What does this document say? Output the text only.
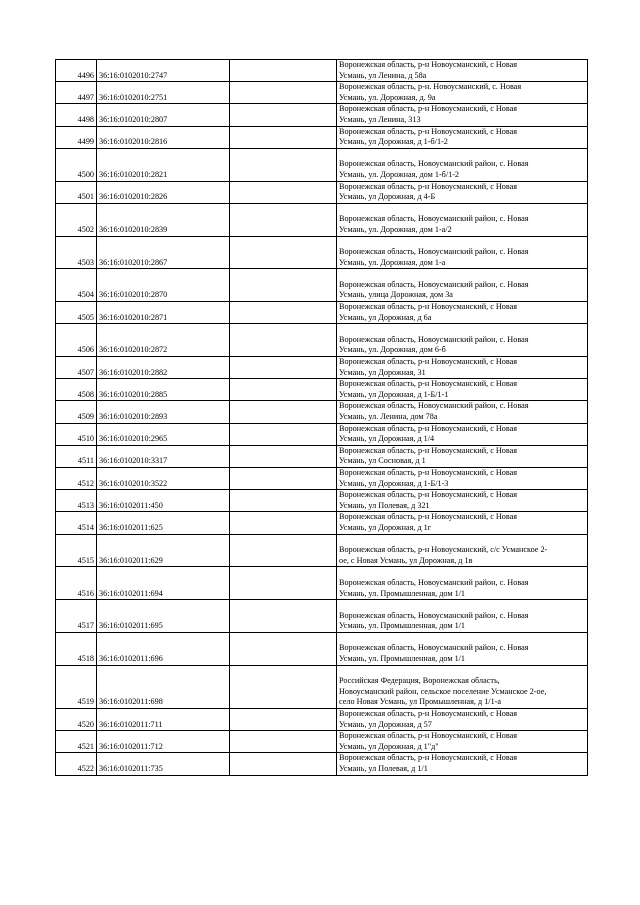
4496	36:16:0102010:2747		Воронежская область, р-н Новоусманский, с Новая
Усмань, ул Ленина, д 58а

4497	36:16:0102010:2751		Воронежская область, р-н. Новоусманский, с. Новая
Усмань, ул. Дорожная, д. 9а

4498	36:16:0102010:2807		Воронежская область, р-н Новоусманский, с Новая
Усмань, ул Ленина, 313

4499	36:16:0102010:2816		Воронежская область, р-н Новоусманский, с Новая
Усмань, ул Дорожная, д 1-б/1-2

4500	36:16:0102010:2821		Воронежская область, Новоусманский район, с. Новая
Усмань, ул. Дорожная, дом 1-б/1-2

4501	36:16:0102010:2826		Воронежская область, р-н Новоусманский, с Новая
Усмань, ул Дорожная, д 4-Б

4502	36:16:0102010:2839		Воронежская область, Новоусманский район, с. Новая
Усмань, ул. Дорожная, дом 1-а/2

4503	36:16:0102010:2867		Воронежская область, Новоусманский район, с. Новая
Усмань, ул. Дорожная, дом 1-а

4504	36:16:0102010:2870		Воронежская область, Новоусманский район, с. Новая
Усмань, улица Дорожная, дом 3а

4505	36:16:0102010:2871		Воронежская область, р-н Новоусманский, с Новая
Усмань, ул Дорожная, д 6а

4506	36:16:0102010:2872		Воронежская область, Новоусманский район, с. Новая
Усмань, ул. Дорожная, дом 6-б

4507	36:16:0102010:2882		Воронежская область, р-н Новоусманский, с Новая
Усмань, ул Дорожная, 31

4508	36:16:0102010:2885		Воронежская область, р-н Новоусманский, с Новая
Усмань, ул Дорожная, д 1-Б/1-1

4509	36:16:0102010:2893		Воронежская область, Новоусманский район, с. Новая
Усмань, ул. Ленина, дом 78а

4510	36:16:0102010:2965		Воронежская область, р-н Новоусманский, с Новая
Усмань, ул Дорожная, д 1/4

4511	36:16:0102010:3317		Воронежская область, р-н Новоусманский, с Новая
Усмань, ул Сосновая, д 1

4512	36:16:0102010:3522		Воронежская область, р-н Новоусманский, с Новая
Усмань, ул Дорожная, д 1-Б/1-3

4513	36:16:0102011:450		Воронежская область, р-н Новоусманский, с Новая
Усмань, ул Полевая, д 321

4514	36:16:0102011:625		Воронежская область, р-н Новоусманский, с Новая
Усмань, ул Дорожная, д 1г

4515	36:16:0102011:629		Воронежская область, р-н Новоусманский, с/с Усманское 2-
ое, с Новая Усмань, ул Дорожная, д 1в

4516	36:16:0102011:694		Воронежская область, Новоусманский район, с. Новая
Усмань, ул. Промышленная, дом 1/1

4517	36:16:0102011:695		Воронежская область, Новоусманский район, с. Новая
Усмань, ул. Промышленная, дом 1/1

4518	36:16:0102011:696		Воронежская область, Новоусманский район, с. Новая
Усмань, ул. Промышленная, дом 1/1

4519	36:16:0102011:698		Российская Федерация, Воронежская область,
Новоусманский район, сельское поселение Усманское 2-ое,
село Новая Усмань, ул Промышленная, д 1/1-а

4520	36:16:0102011:711		Воронежская область, р-н Новоусманский, с Новая
Усмань, ул Дорожная, д 57

4521	36:16:0102011:712		Воронежская область, р-н Новоусманский, с Новая
Усмань, ул Дорожная, д 1"д"

4522	36:16:0102011:735		Воронежская область, р-н Новоусманский, с Новая
Усмань, ул Полевая, д 1/1
